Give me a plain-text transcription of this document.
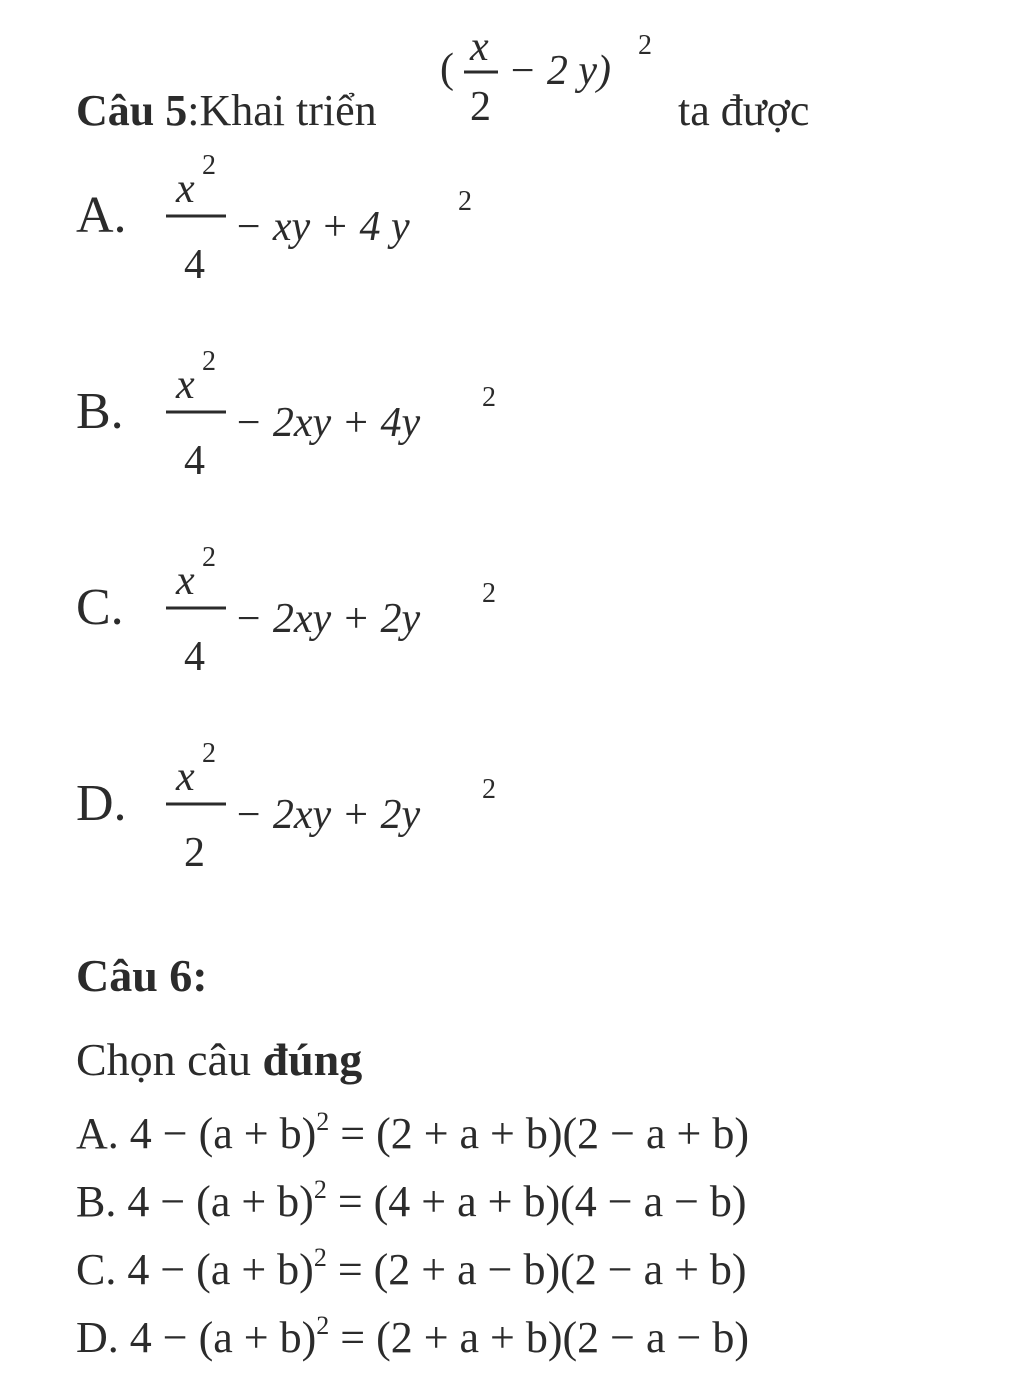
Câu 5:Khai triển
( x
2
− 2 y)
2
ta được
A. x
2
4
− xy + 4 y
2
B. x
2
4
− 2xy + 4y
2
C. x
2
4
− 2xy + 2y
2
D. x
2
2
− 2xy + 2y
2
Câu 6:
Chọn câu đúng
A. $4 - (a + b)^2 = (2 + a + b)(2 - a + b)$
B. $4 - (a + b)^2 = (4 + a + b)(4 - a - b)$
C. $4 - (a + b)^2 = (2 + a - b)(2 - a + b)$
D. $4 - (a + b)^2 = (2 + a + b)(2 - a - b)$
